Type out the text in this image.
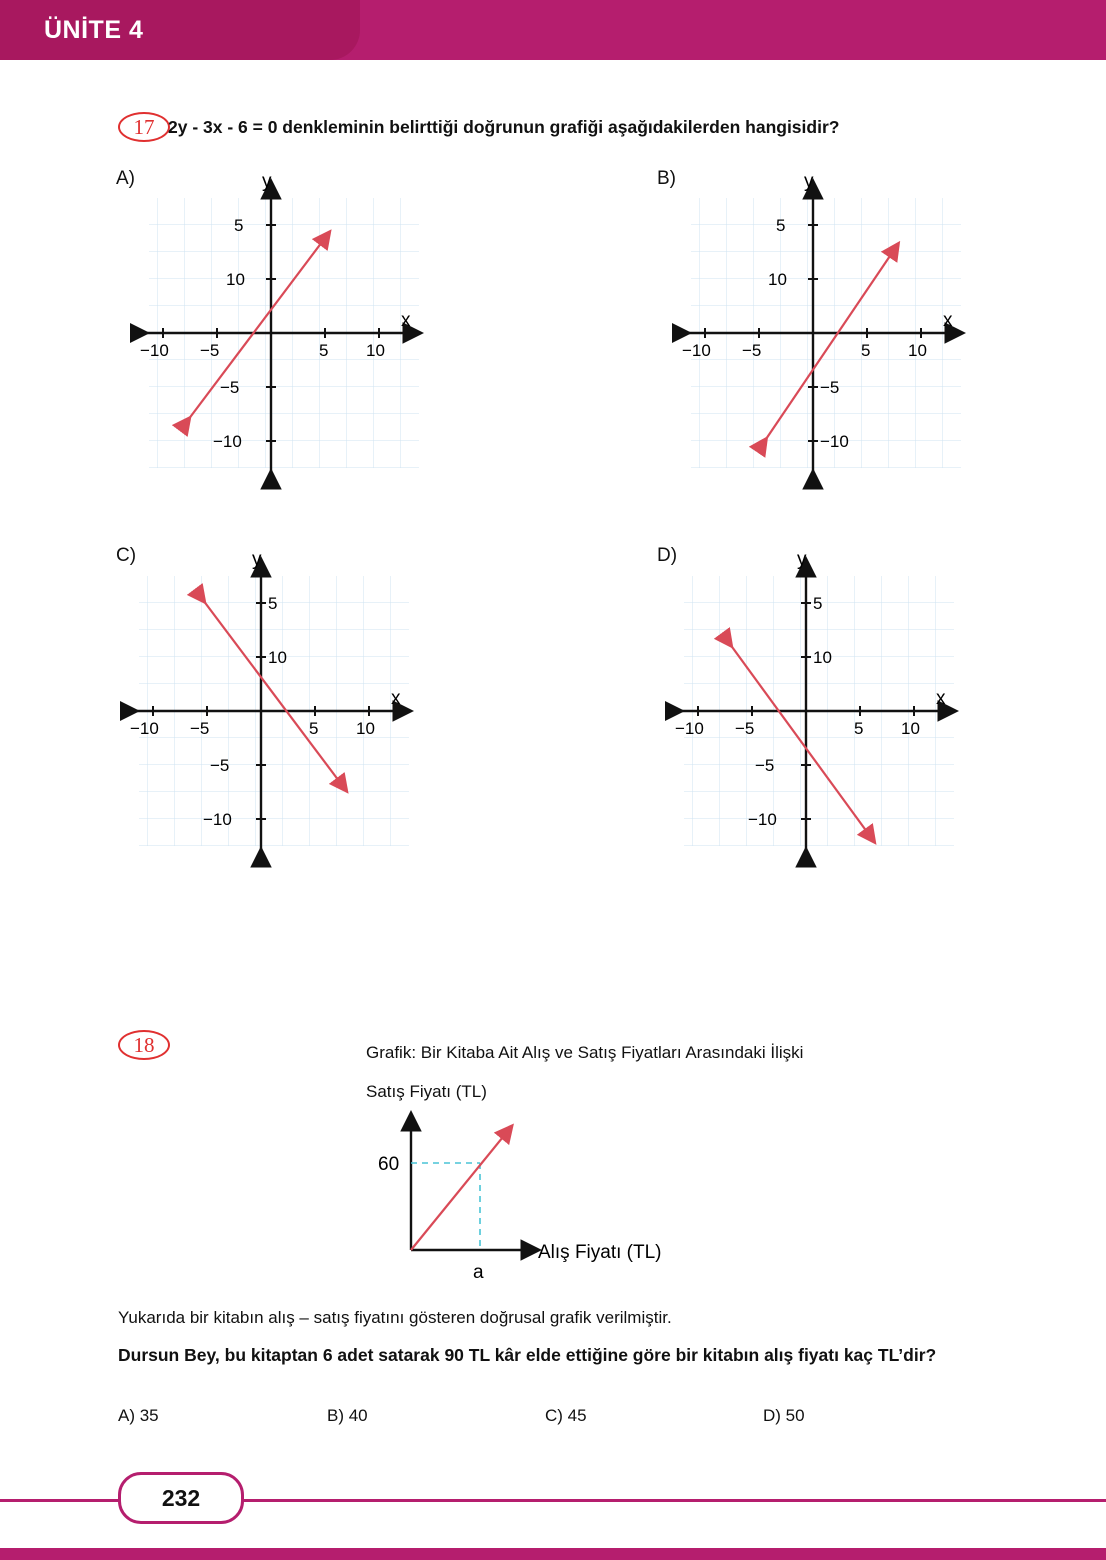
ÜNİTE 4
17 2y - 3x - 6 = 0 denkleminin belirttiği doğrunun grafiği aşağıdakilerden hangisidir?
A)
x
y
−10 −5	5 10
5
10
−5
−10
B)
x
y
−10 −5	5 10
5
10
−5
−10
C)
x
y
−10 −5	5 10
5
10
−5
−10
D)
x
y
−10 −5	5 10
5
10
−5
−10
18	Grafik: Bir Kitaba Ait Alış ve Satış Fiyatları Arasındaki İlişki
Satış Fiyatı (TL)
60
a
Alış Fiyatı (TL)
Yukarıda bir kitabın alış – satış fiyatını gösteren doğrusal grafik verilmiştir.
Dursun Bey, bu kitaptan 6 adet satarak 90 TL kâr elde ettiğine göre bir kitabın alış fiyatı kaç TL’dir?
A) 35	B) 40	C) 45	D) 50
232
